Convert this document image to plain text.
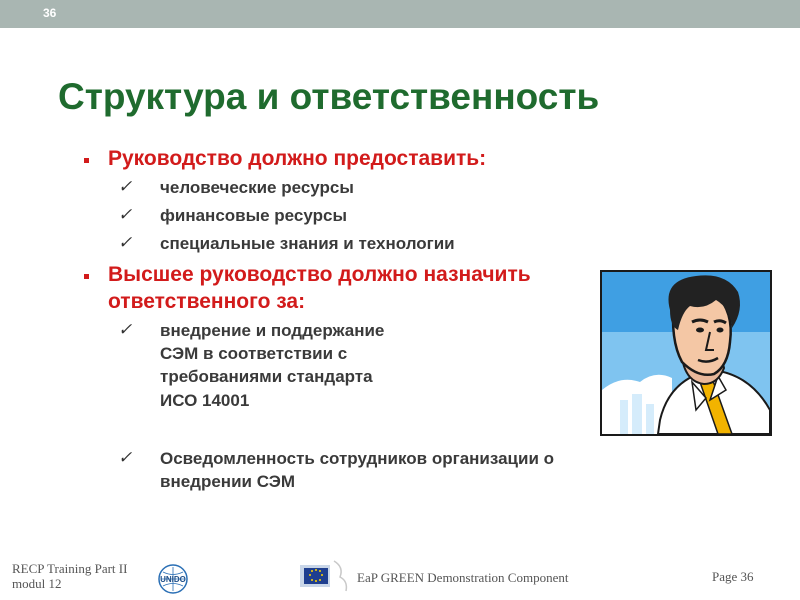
36
Структура и ответственность
Руководство должно предоставить:
✓ человеческие ресурсы
✓ финансовые ресурсы
✓ специальные знания и технологии
Высшее руководство должно назначить
ответственного за:
✓ внедрение и поддержание
СЭМ в соответствии с
требованиями стандарта
ИСО 14001
✓ Осведомленность сотрудников организации о
внедрении СЭМ
RECP Training Part II
modul 12	UNIDO	EaP GREEN Demonstration Component	Page 36
